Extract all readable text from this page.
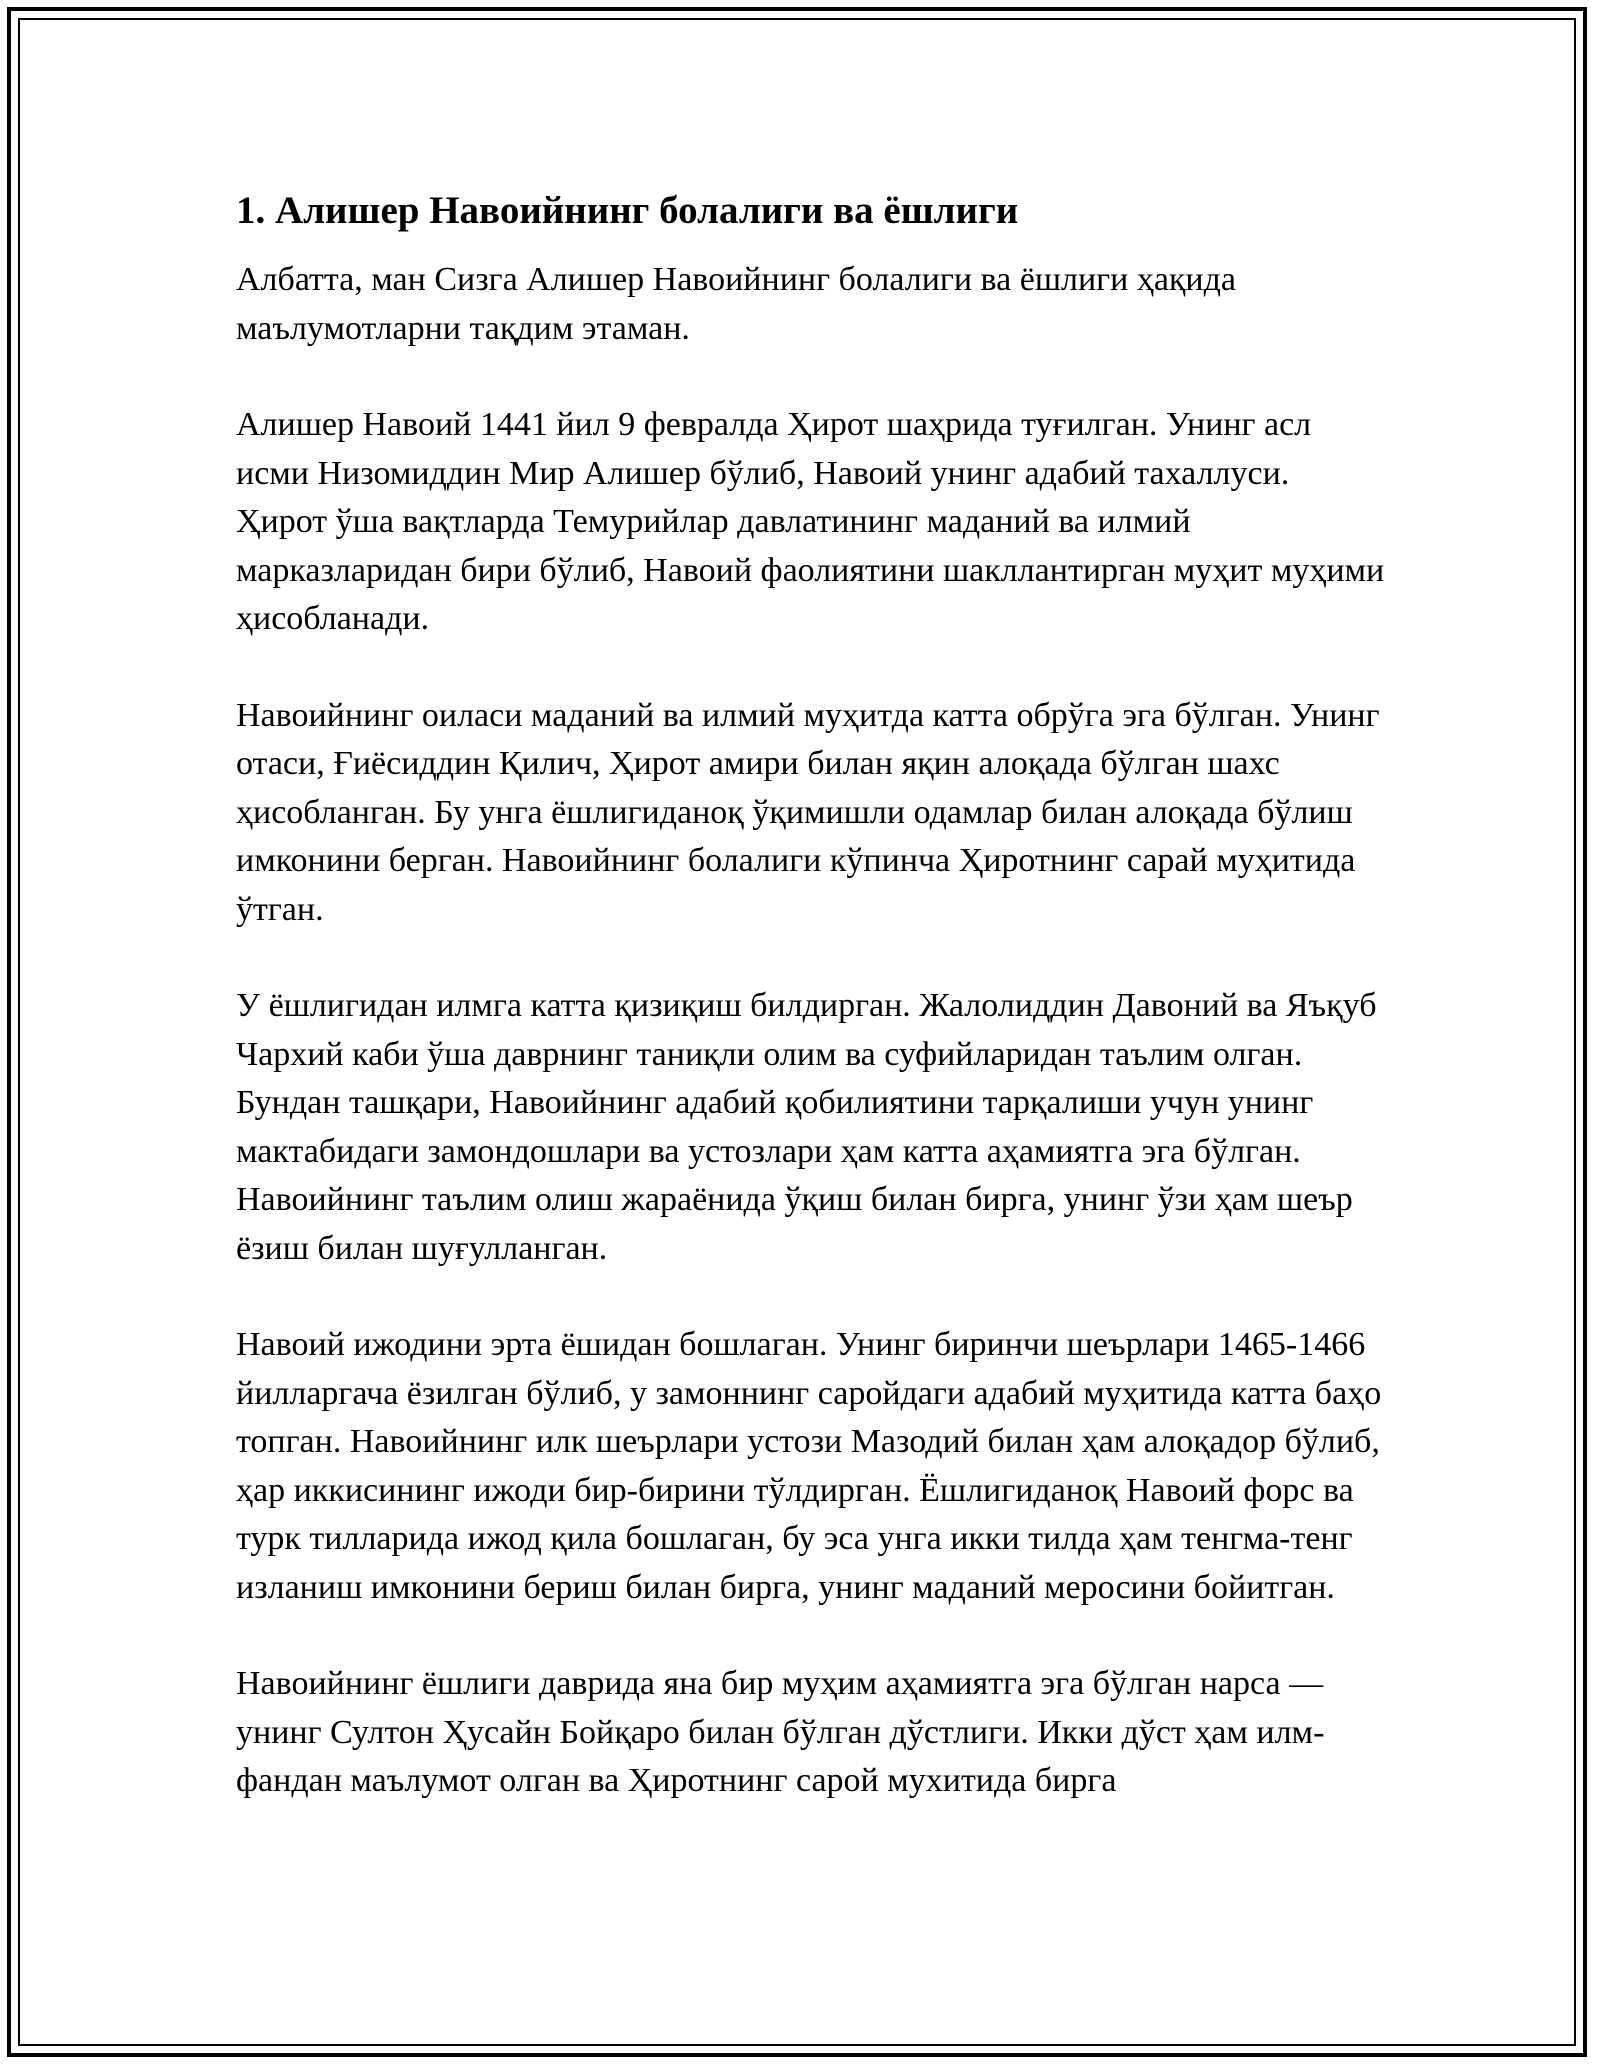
1. Алишер Навоийнинг болалиги ва ёшлиги

Албатта, ман Сизга Алишер Навоийнинг болалиги ва ёшлиги ҳақида маълумотларни тақдим этаман.

Алишер Навоий 1441 йил 9 февралда Ҳирот шаҳрида туғилган. Унинг асл исми Низомиддин Мир Алишер бўлиб, Навоий унинг адабий тахаллуси. Ҳирот ўша вақтларда Темурийлар давлатининг маданий ва илмий марказларидан бири бўлиб, Навоий фаолиятини шакллантирган муҳит муҳими ҳисобланади.

Навоийнинг оиласи маданий ва илмий муҳитда катта обрўга эга бўлган. Унинг отаси, Ғиёсиддин Қилич, Ҳирот амири билан яқин алоқада бўлган шахс ҳисобланган. Бу унга ёшлигиданоқ ўқимишли одамлар билан алоқада бўлиш имконини берган. Навоийнинг болалиги кўпинча Ҳиротнинг сарай муҳитида ўтган.

У ёшлигидан илмга катта қизиқиш билдирган. Жалолиддин Давоний ва Яъқуб Чархий каби ўша даврнинг таниқли олим ва суфийларидан таълим олган. Бундан ташқари, Навоийнинг адабий қобилиятини тарқалиши учун унинг мактабидаги замондошлари ва устозлари ҳам катта аҳамиятга эга бўлган. Навоийнинг таълим олиш жараёнида ўқиш билан бирга, унинг ўзи ҳам шеър ёзиш билан шуғулланган.

Навоий ижодини эрта ёшидан бошлаган. Унинг биринчи шеърлари 1465-1466 йилларгача ёзилган бўлиб, у замоннинг саройдаги адабий муҳитида катта баҳо топган. Навоийнинг илк шеърлари устози Мазодий билан ҳам алоқадор бўлиб, ҳар иккисининг ижоди бир-бирини тўлдирган. Ёшлигиданоқ Навоий форс ва турк тилларида ижод қила бошлаган, бу эса унга икки тилда ҳам тенгма-тенг изланиш имконини бериш билан бирга, унинг маданий меросини бойитган.

Навоийнинг ёшлиги даврида яна бир муҳим аҳамиятга эга бўлган нарса — унинг Султон Ҳусайн Бойқаро билан бўлган дўстлиги. Икки дўст ҳам илм-фандан маълумот олган ва Ҳиротнинг сарой мухитида бирга
